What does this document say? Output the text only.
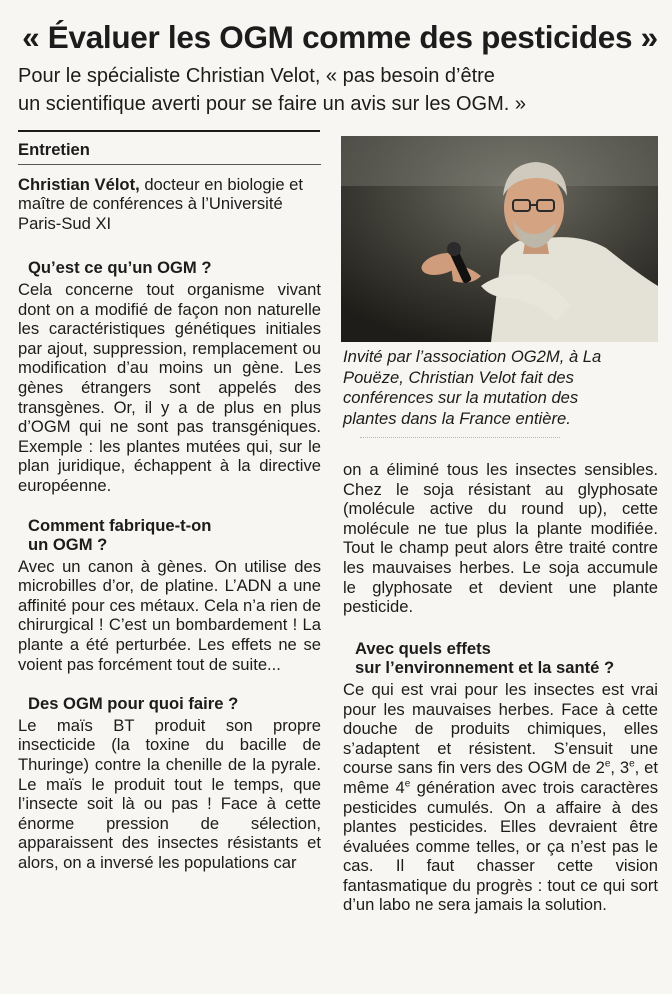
« Évaluer les OGM comme des pesticides »
Pour le spécialiste Christian Velot, « pas besoin d’être
un scientifique averti pour se faire un avis sur les OGM. »

Entretien

Christian Vélot, docteur en biologie et maître de conférences à l’Université Paris-Sud XI

Qu’est ce qu’un OGM ?

Cela concerne tout organisme vivant dont on a modifié de façon non naturelle les caractéristiques génétiques initiales par ajout, suppression, remplacement ou modification d’au moins un gène. Les gènes étrangers sont appelés des transgènes. Or, il y a de plus en plus d’OGM qui ne sont pas transgéniques. Exemple : les plantes mutées qui, sur le plan juridique, échappent à la directive européenne.

Comment fabrique-t-on
un OGM ?

Avec un canon à gènes. On utilise des microbilles d’or, de platine. L’ADN a une affinité pour ces métaux. Cela n’a rien de chirurgical ! C’est un bombardement ! La plante a été perturbée. Les effets ne se voient pas forcément tout de suite...

Des OGM pour quoi faire ?

Le maïs BT produit son propre insecticide (la toxine du bacille de Thuringe) contre la chenille de la pyrale. Le maïs le produit tout le temps, que l’insecte soit là ou pas ! Face à cette énorme pression de sélection, apparaissent des insectes résistants et alors, on a inversé les populations car

Invité par l’association OG2M, à La
Pouëze, Christian Velot fait des
conférences sur la mutation des
plantes dans la France entière.

on a éliminé tous les insectes sensibles. Chez le soja résistant au glyphosate (molécule active du round up), cette molécule ne tue plus la plante modifiée. Tout le champ peut alors être traité contre les mauvaises herbes. Le soja accumule le glyphosate et devient une plante pesticide.

Avec quels effets
sur l’environnement et la santé ?

Ce qui est vrai pour les insectes est vrai pour les mauvaises herbes. Face à cette douche de produits chimiques, elles s’adaptent et résistent. S’ensuit une course sans fin vers des OGM de 2e, 3e, et même 4e génération avec trois caractères pesticides cumulés. On a affaire à des plantes pesticides. Elles devraient être évaluées comme telles, or ça n’est pas le cas. Il faut chasser cette vision fantasmatique du progrès : tout ce qui sort d’un labo ne sera jamais la solution.
